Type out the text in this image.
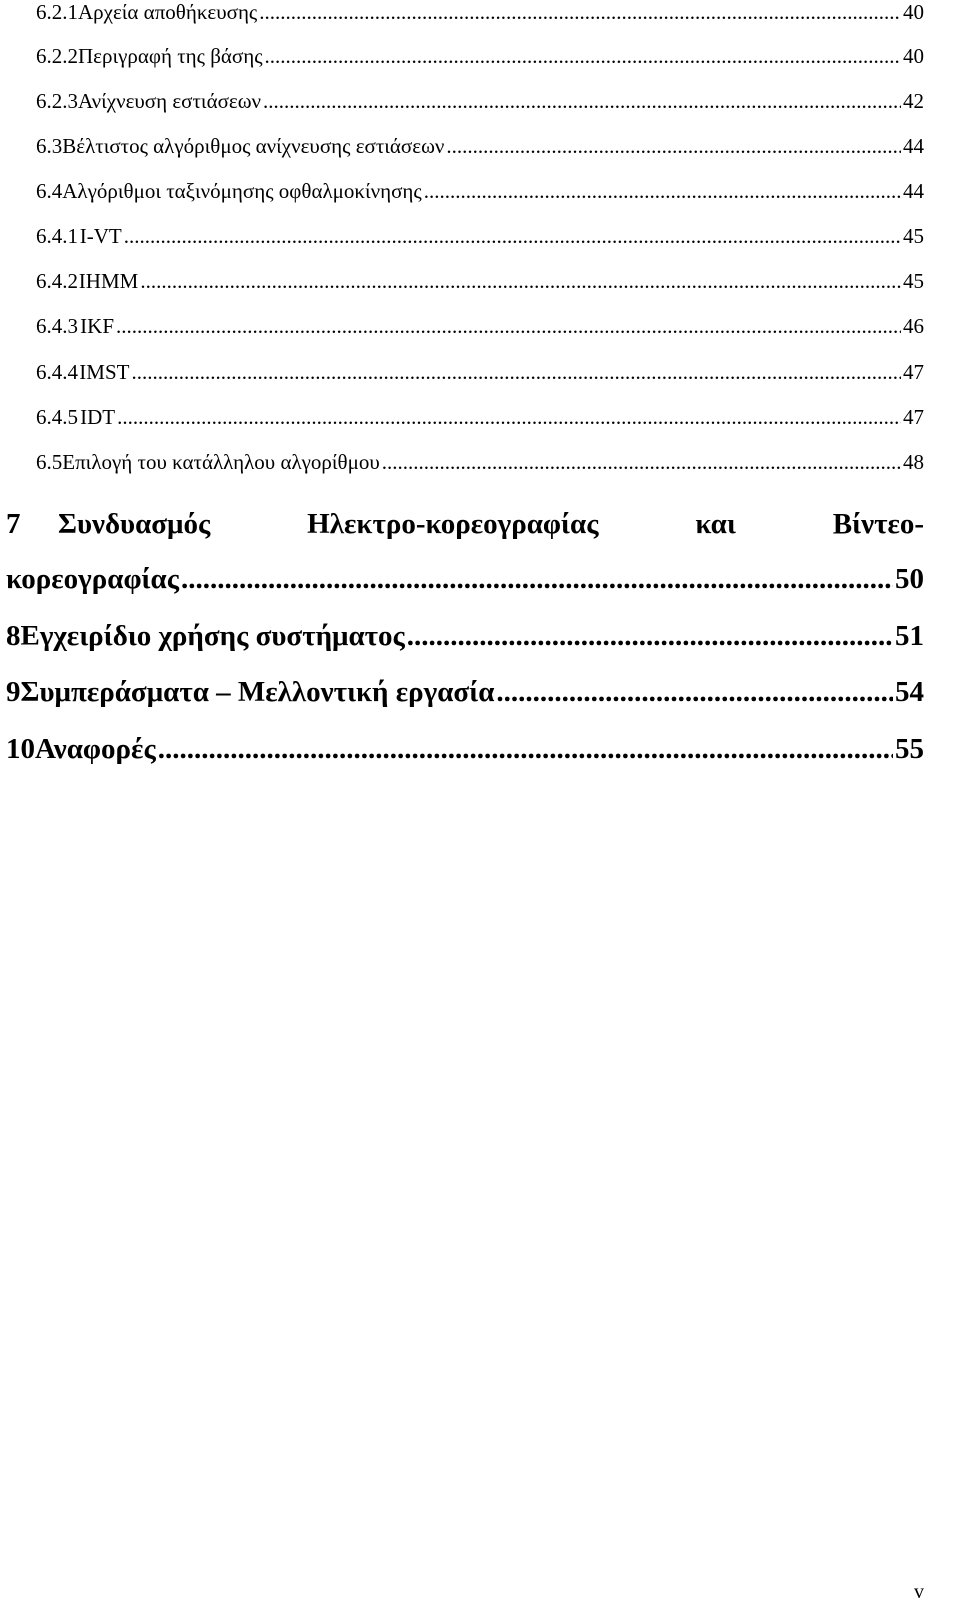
6.2.1 Αρχεία αποθήκευσης .....	40
6.2.2 Περιγραφή της βάσης .....	40
6.2.3 Ανίχνευση εστιάσεων .....	42
6.3 Βέλτιστος αλγόριθμος ανίχνευσης εστιάσεων .....	44
6.4 Αλγόριθμοι ταξινόμησης οφθαλμοκίνησης .....	44
6.4.1 I-VT .....	45
6.4.2 IHMM .....	45
6.4.3 IKF .....	46
6.4.4 IMST .....	47
6.4.5 IDT .....	47
6.5 Επιλογή του κατάλληλου αλγορίθμου .....	48
7	Συνδυασμός	Ηλεκτρο-κορεογραφίας	και	Βίντεο-
κορεογραφίας .....	50
8 Εγχειρίδιο χρήσης συστήματος .....	51
9 Συμπεράσματα – Μελλοντική εργασία .....	54
10 Αναφορές .....	55
v
